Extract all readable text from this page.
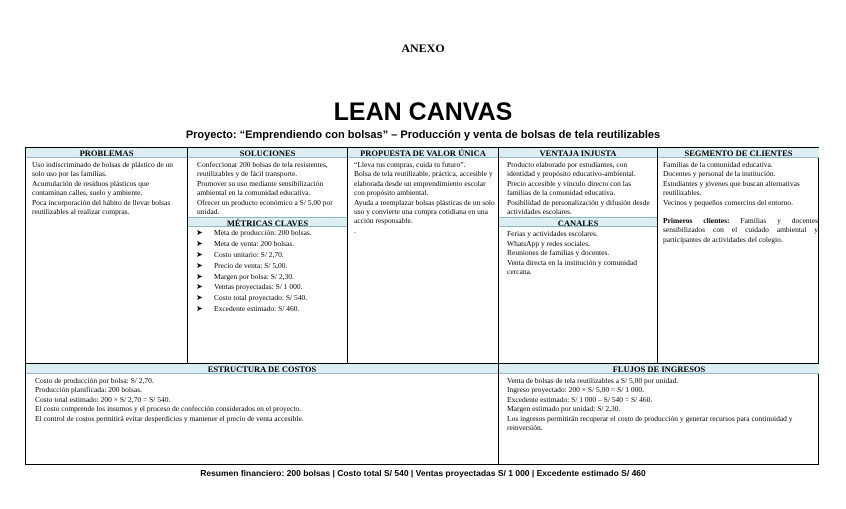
ANEXO
LEAN CANVAS
Proyecto: “Emprendiendo con bolsas” – Producción y venta de bolsas de tela reutilizables
PROBLEMAS

Uso indiscriminado de bolsas de plástico de un solo uso por las familias.

Acumulación de residuos plásticos que contaminan calles, suelo y ambiente.

Poca incorporación del hábito de llevar bolsas reutilizables al realizar compras.

SOLUCIONES

Confeccionar 200 bolsas de tela resistentes, reutilizables y de fácil transporte.

Promover su uso mediante sensibilización ambiental en la comunidad educativa.

Ofrecer un producto económico a S/ 5,00 por unidad.

MÉTRICAS CLAVES
➤ Meta de producción: 200 bolsas.
➤ Meta de venta: 200 bolsas.
➤ Costo unitario: S/ 2,70.
➤ Precio de venta: S/ 5,00.
➤ Margen por bolsa: S/ 2,30.
➤ Ventas proyectadas: S/ 1 000.
➤ Costo total proyectado: S/ 540.
➤ Excedente estimado: S/ 460.
PROPUESTA DE VALOR ÚNICA

“Lleva tus compras, cuida tu futuro”.

Bolsa de tela reutilizable, práctica, accesible y elaborada desde un emprendimiento escolar con propósito ambiental.

Ayuda a reemplazar bolsas plásticas de un solo uso y convierte una compra cotidiana en una acción responsable.

.

VENTAJA INJUSTA

Producto elaborado por estudiantes, con identidad y propósito educativo-ambiental.

Precio accesible y vínculo directo con las familias de la comunidad educativa.

Posibilidad de personalización y difusión desde actividades escolares.

CANALES

Ferias y actividades escolares.

WhatsApp y redes sociales.

Reuniones de familias y docentes.

Venta directa en la institución y comunidad cercana.

SEGMENTO DE CLIENTES

Familias de la comunidad educativa.

Docentes y personal de la institución.

Estudiantes y jóvenes que buscan alternativas reutilizables.

Vecinos y pequeños comercios del entorno.

Primeros clientes: Familias y docentes sensibilizados con el cuidado ambiental y participantes de actividades del colegio.

ESTRUCTURA DE COSTOS

Costo de producción por bolsa: S/ 2,70.

Producción planificada: 200 bolsas.

Costo total estimado: 200 × S/ 2,70 = S/ 540.

El costo comprende los insumos y el proceso de confección considerados en el proyecto.

El control de costos permitirá evitar desperdicios y mantener el precio de venta accesible.

FLUJOS DE INGRESOS

Venta de bolsas de tela reutilizables a S/ 5,00 por unidad.

Ingreso proyectado: 200 × S/ 5,00 = S/ 1 000.

Excedente estimado: S/ 1 000 – S/ 540 = S/ 460.

Margen estimado por unidad: S/ 2,30.

Los ingresos permitirán recuperar el costo de producción y generar recursos para continuidad y reinversión.

Resumen financiero: 200 bolsas | Costo total S/ 540 | Ventas proyectadas S/ 1 000 | Excedente estimado S/ 460
